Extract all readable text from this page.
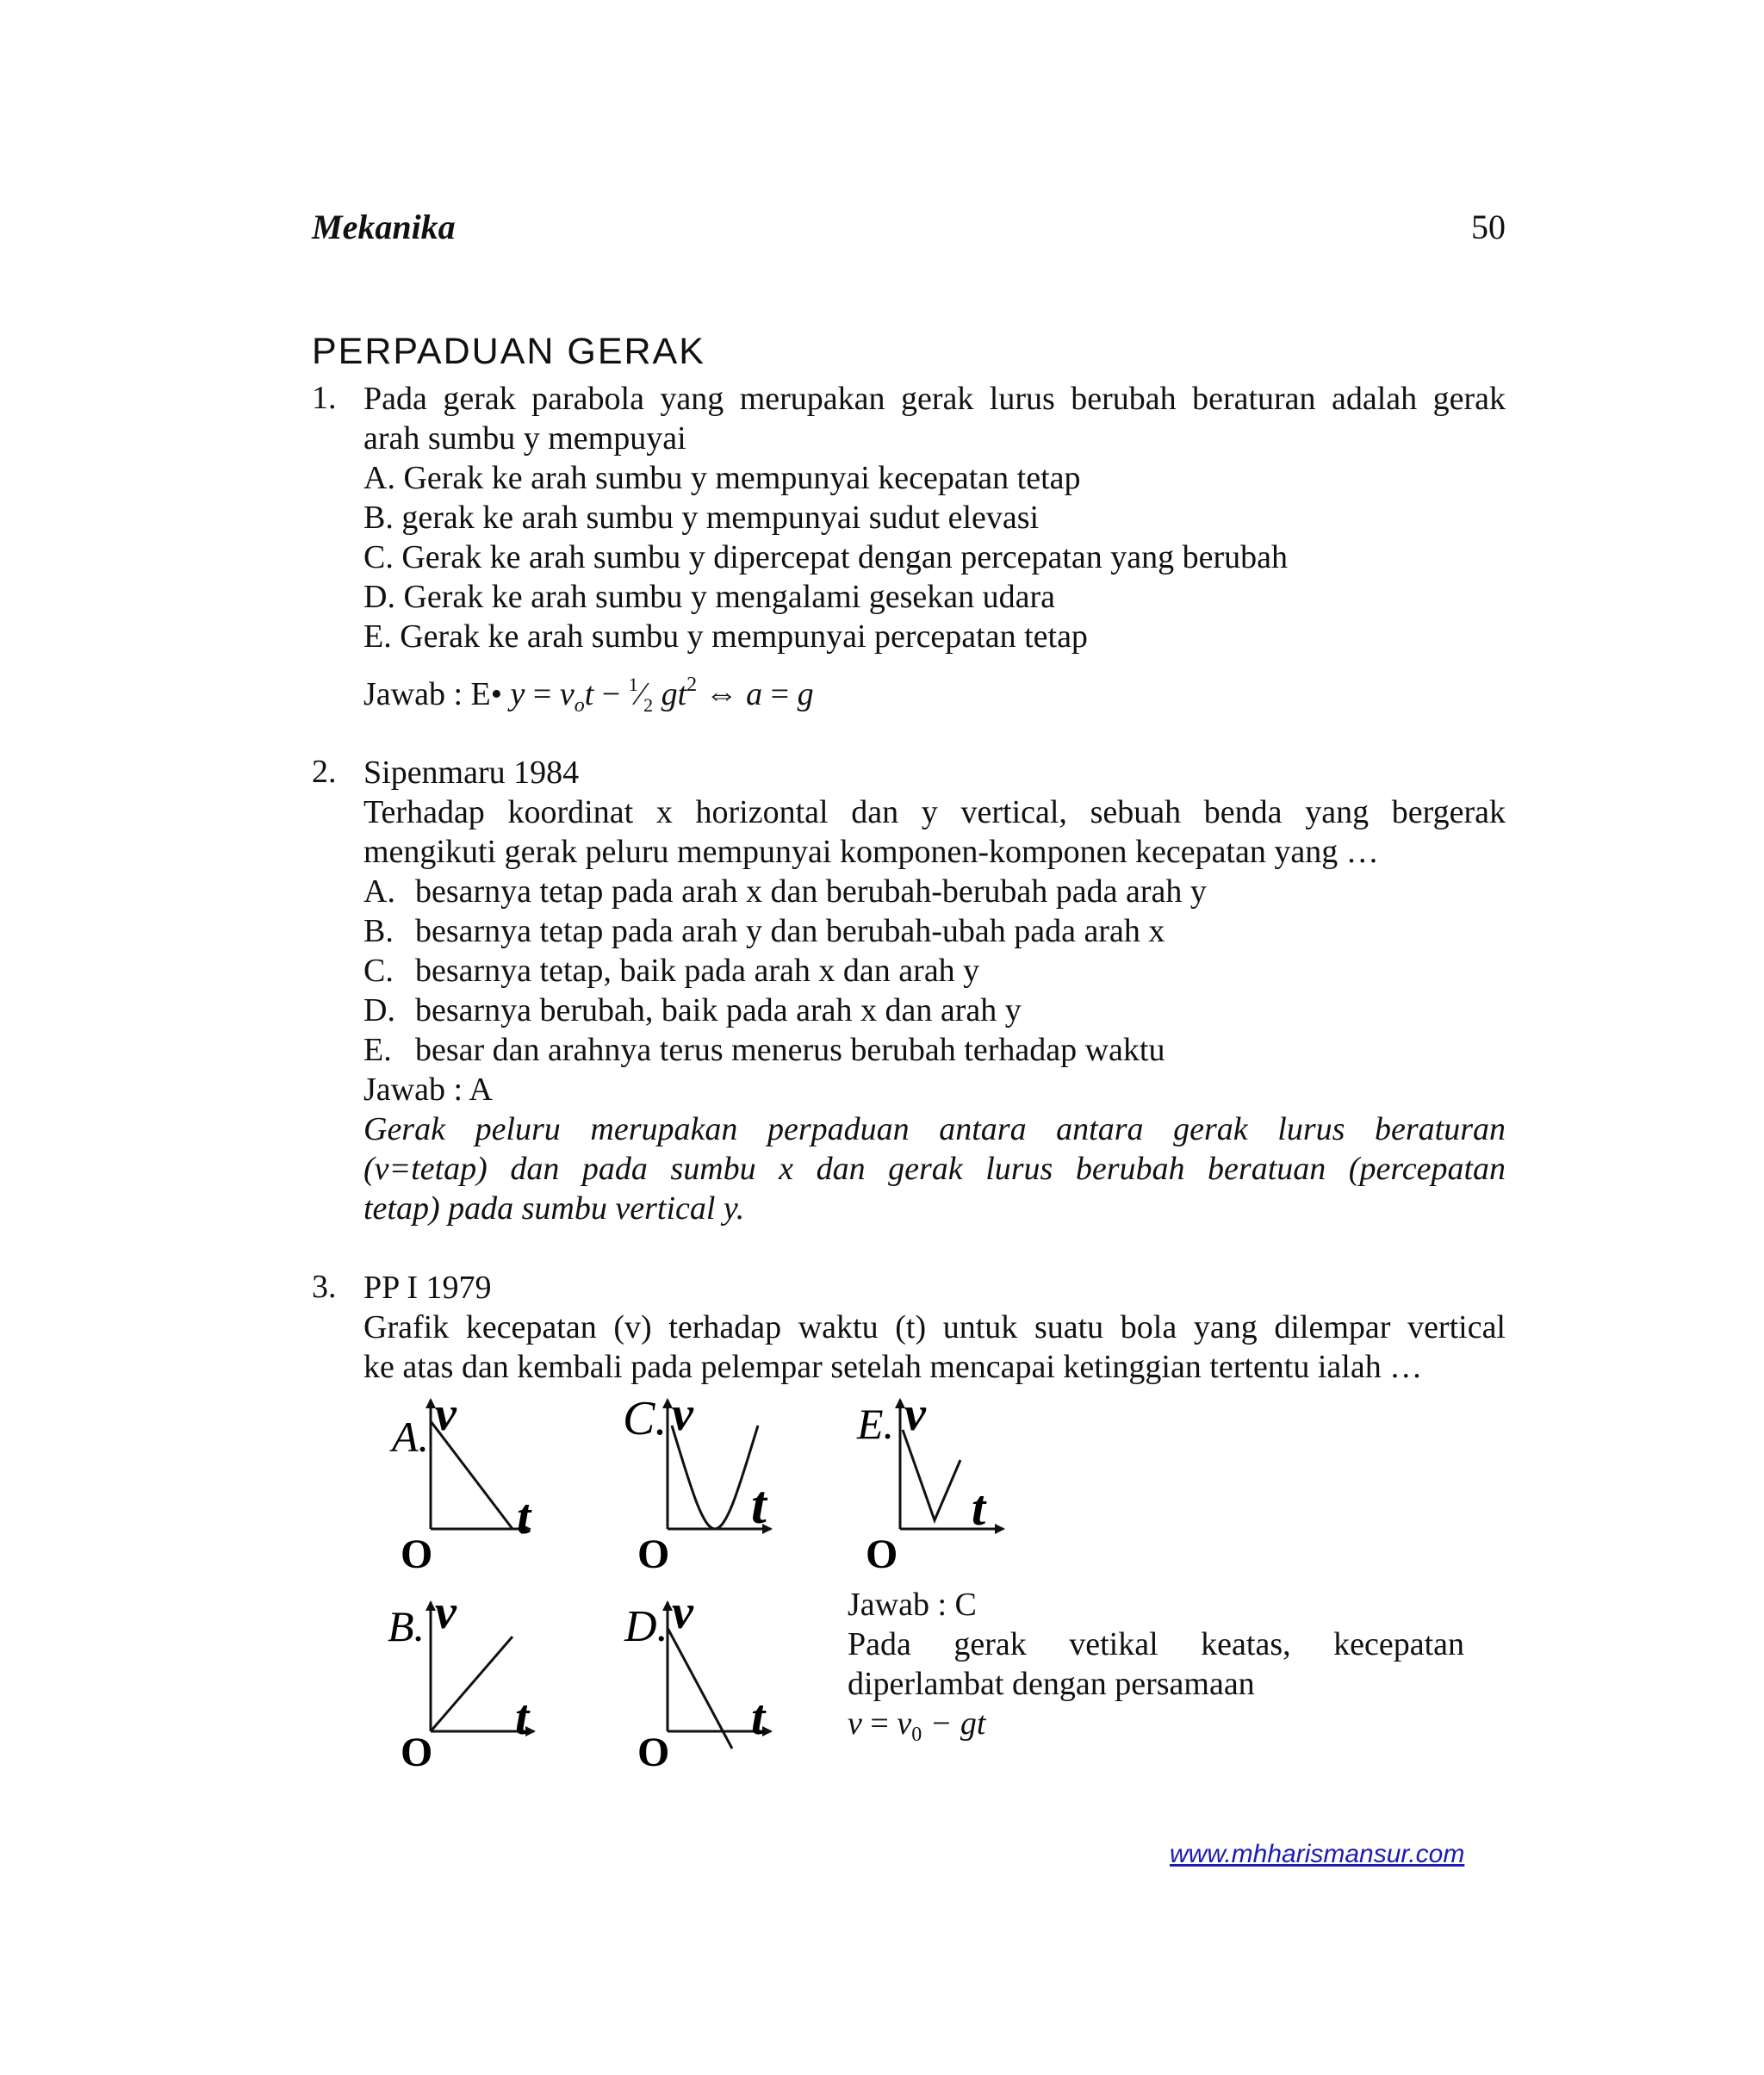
Mekanika	50
PERPADUAN GERAK
1. Pada gerak parabola yang merupakan gerak lurus berubah beraturan adalah gerak
arah sumbu y mempuyai
A. Gerak ke arah sumbu y mempunyai kecepatan tetap
B. gerak ke arah sumbu y mempunyai sudut elevasi
C. Gerak ke arah sumbu y dipercepat dengan percepatan yang berubah
D. Gerak ke arah sumbu y mengalami gesekan udara
E. Gerak ke arah sumbu y mempunyai percepatan tetap
Jawab : E• $y = v_ot$ − $^1⁄_2$ $gt^2$ ⇔ a = g
2. Sipenmaru 1984
Terhadap koordinat x horizontal dan y vertical, sebuah benda yang bergerak
mengikuti gerak peluru mempunyai komponen-komponen kecepatan yang …
A. besarnya tetap pada arah x dan berubah-berubah pada arah y
B. besarnya tetap pada arah y dan berubah-ubah pada arah x
C. besarnya tetap, baik pada arah x dan arah y
D. besarnya berubah, baik pada arah x dan arah y
E. besar dan arahnya terus menerus berubah terhadap waktu
Jawab : A
Gerak peluru merupakan perpaduan antara antara gerak lurus beraturan
(v=tetap) dan pada sumbu x dan gerak lurus berubah beratuan (percepatan
tetap) pada sumbu vertical y.
3. PP I 1979
Grafik kecepatan (v) terhadap waktu (t) untuk suatu bola yang dilempar vertical
ke atas dan kembali pada pelempar setelah mencapai ketinggian tertentu ialah …
A. v
t
O
C. v
t
O
E. v
t
O
B. v
t
O
D. v
t
O
Jawab : C
Pada gerak vetikal keatas, kecepatan
diperlambat dengan persamaan
$v = v_0$ − gt
www.mhharismansur.com
